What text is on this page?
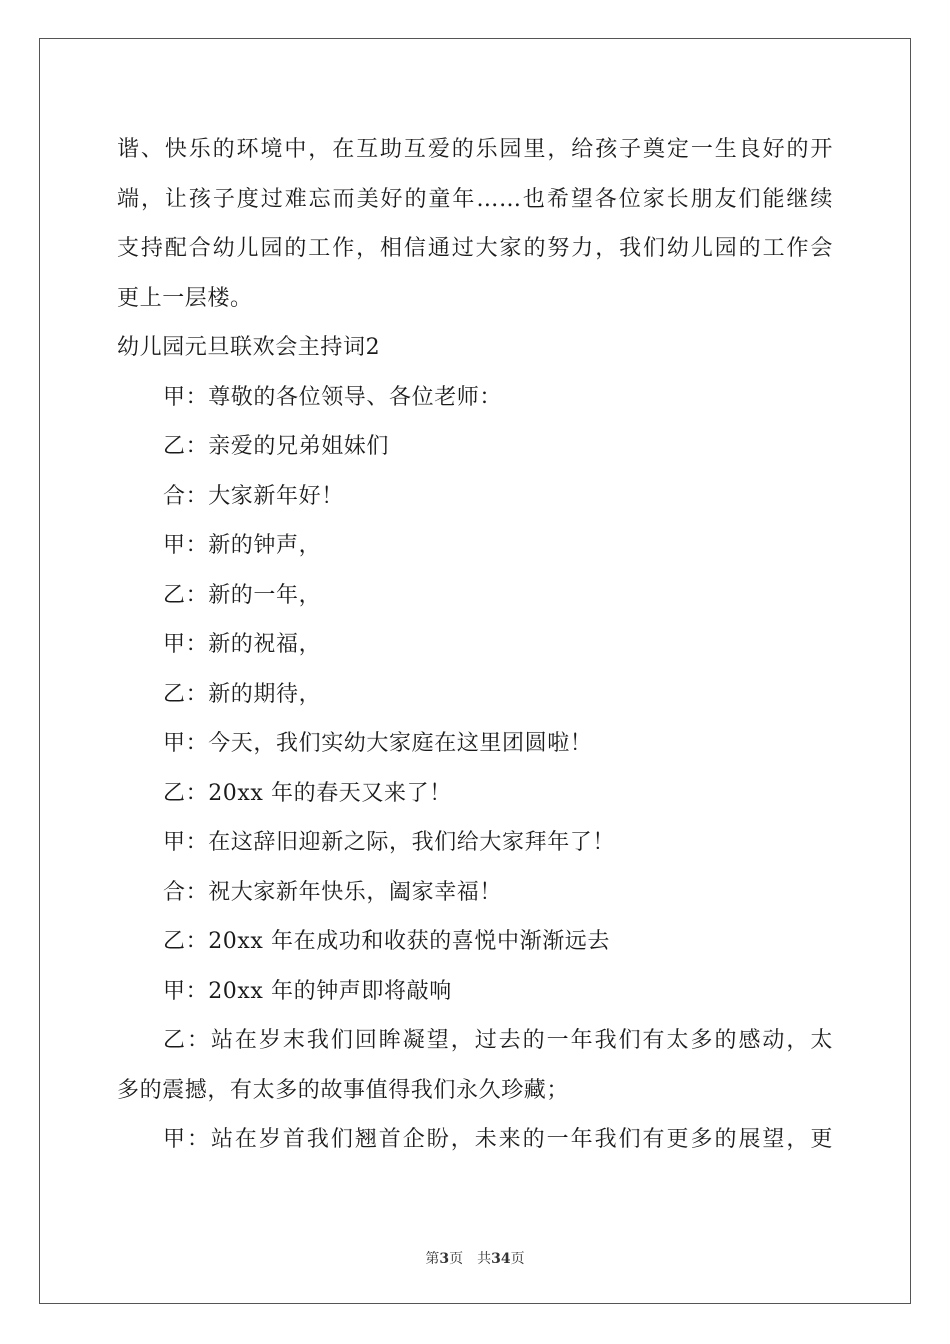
谐、快乐的环境中，在互助互爱的乐园里，给孩子奠定一生良好的开
端，让孩子度过难忘而美好的童年……也希望各位家长朋友们能继续
支持配合幼儿园的工作，相信通过大家的努力，我们幼儿园的工作会
更上一层楼。
幼儿园元旦联欢会主持词2
甲：尊敬的各位领导、各位老师：
乙：亲爱的兄弟姐妹们
合：大家新年好！
甲：新的钟声，
乙：新的一年，
甲：新的祝福，
乙：新的期待，
甲：今天，我们实幼大家庭在这里团圆啦！
乙：20xx 年的春天又来了！
甲：在这辞旧迎新之际，我们给大家拜年了！
合：祝大家新年快乐，阖家幸福！
乙：20xx 年在成功和收获的喜悦中渐渐远去
甲：20xx 年的钟声即将敲响
乙：站在岁末我们回眸凝望，过去的一年我们有太多的感动，太
多的震撼，有太多的故事值得我们永久珍藏；
甲：站在岁首我们翘首企盼，未来的一年我们有更多的展望，更
第3页 共34页
